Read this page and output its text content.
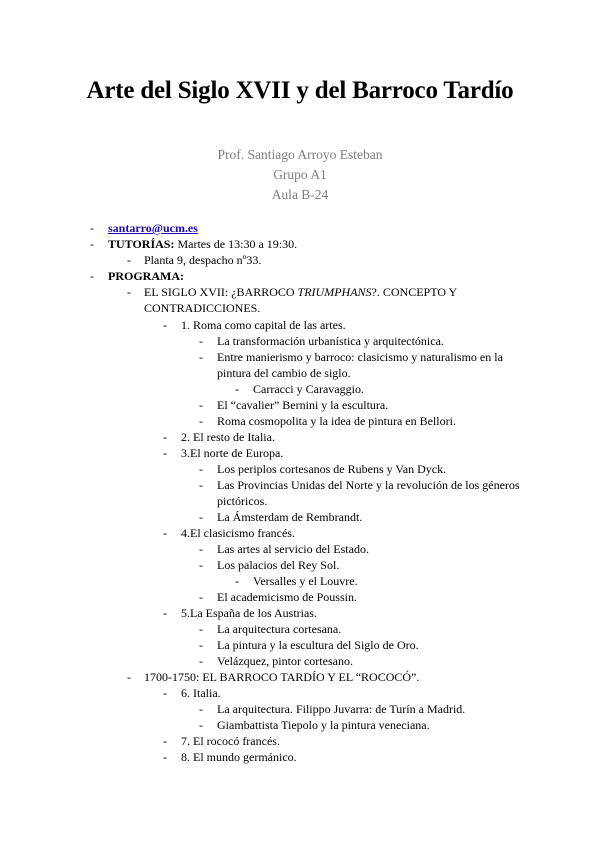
Arte del Siglo XVII y del Barroco Tardío
Prof. Santiago Arroyo Esteban
Grupo A1
Aula B-24
- santarro@ucm.es
- TUTORÍAS: Martes de 13:30 a 19:30.
- Planta 9, despacho nº33.
- PROGRAMA:
- EL SIGLO XVII: ¿BARROCO TRIUMPHANS?. CONCEPTO Y CONTRADICCIONES.
- 1. Roma como capital de las artes.
- La transformación urbanística y arquitectónica.
- Entre manierismo y barroco: clasicismo y naturalismo en la pintura del cambio de siglo.
- Carracci y Caravaggio.
- El “cavalier” Bernini y la escultura.
- Roma cosmopolita y la idea de pintura en Bellori.
- 2. El resto de Italia.
- 3.El norte de Europa.
- Los periplos cortesanos de Rubens y Van Dyck.
- Las Provincias Unidas del Norte y la revolución de los géneros pictóricos.
- La Ámsterdam de Rembrandt.
- 4.El clasicismo francés.
- Las artes al servicio del Estado.
- Los palacios del Rey Sol.
- Versalles y el Louvre.
- El academicismo de Poussin.
- 5.La España de los Austrias.
- La arquitectura cortesana.
- La pintura y la escultura del Siglo de Oro.
- Velázquez, pintor cortesano.
- 1700-1750: EL BARROCO TARDÍO Y EL “ROCOCÓ”.
- 6. Italia.
- La arquitectura. Filippo Juvarra: de Turín a Madrid.
- Giambattista Tiepolo y la pintura veneciana.
- 7. El rococó francés.
- 8. El mundo germánico.
